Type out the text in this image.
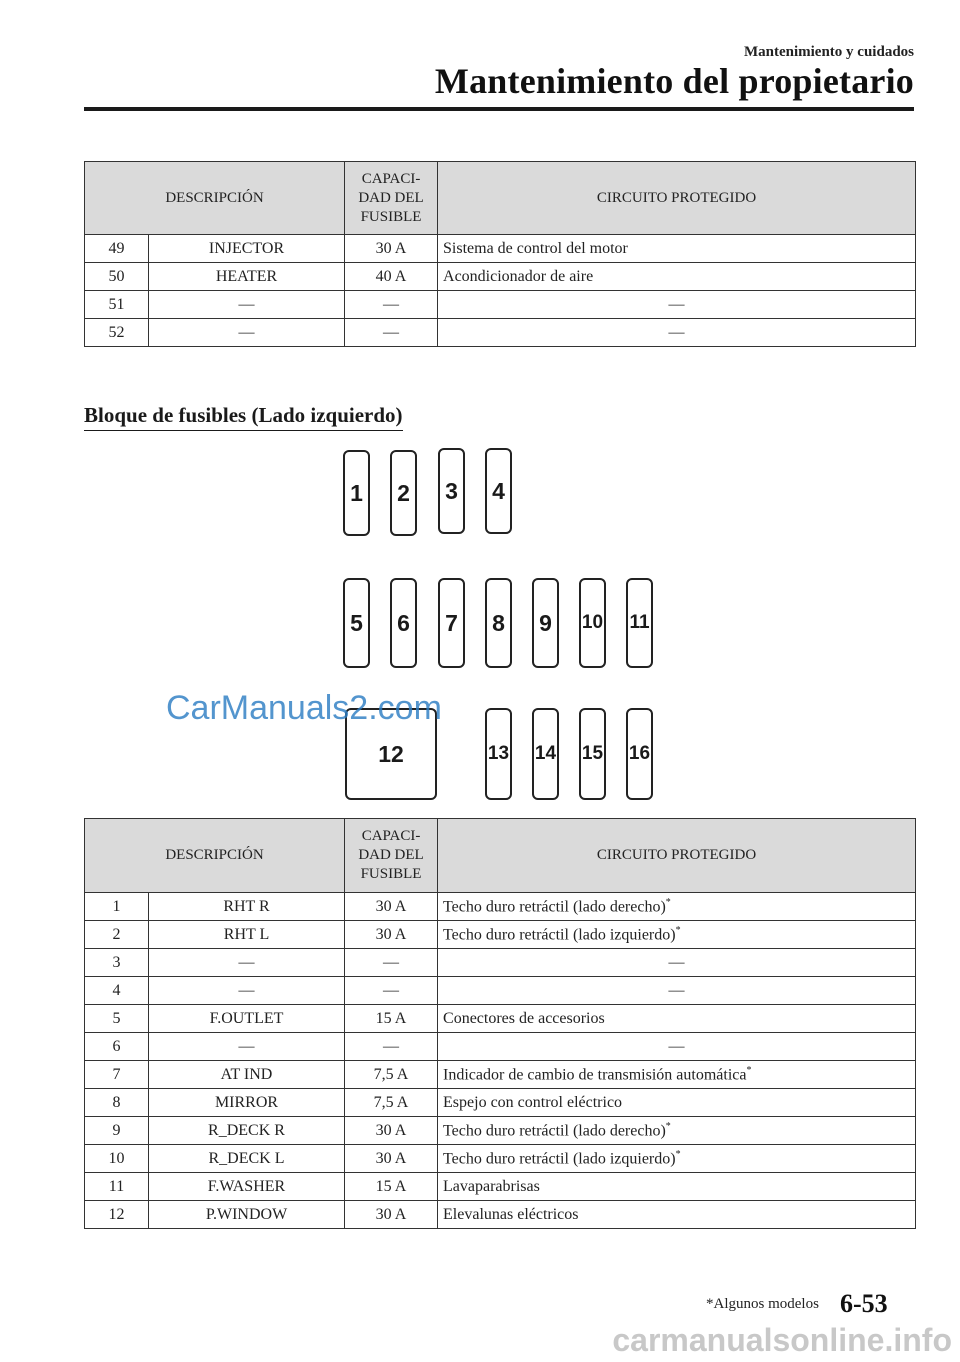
Mantenimiento y cuidados
Mantenimiento del propietario
DESCRIPCIÓN		CAPACI-
DAD DEL
FUSIBLE	CIRCUITO PROTEGIDO
49	INJECTOR	30 A	Sistema de control del motor
50	HEATER	40 A	Acondicionador de aire
51	—	—	—
52	—	—	—
Bloque de fusibles (Lado izquierdo)
1	2	3	4
5	6	7	8	9	10 11
12	13 14 15 16
CarManuals2.com
DESCRIPCIÓN		CAPACI-
DAD DEL
FUSIBLE	CIRCUITO PROTEGIDO
1	RHT R	30 A	Techo duro retráctil (lado derecho)*
2	RHT L	30 A	Techo duro retráctil (lado izquierdo)*
3	—	—	—
4	—	—	—
5	F.OUTLET	15 A	Conectores de accesorios
6	—	—	—
7	AT IND	7,5 A	Indicador de cambio de transmisión automática*
8	MIRROR	7,5 A	Espejo con control eléctrico
9	R_DECK R	30 A	Techo duro retráctil (lado derecho)*
10	R_DECK L	30 A	Techo duro retráctil (lado izquierdo)*
11	F.WASHER	15 A	Lavaparabrisas
12	P.WINDOW	30 A	Elevalunas eléctricos
*Algunos modelos 6-53
carmanualsonline.info
